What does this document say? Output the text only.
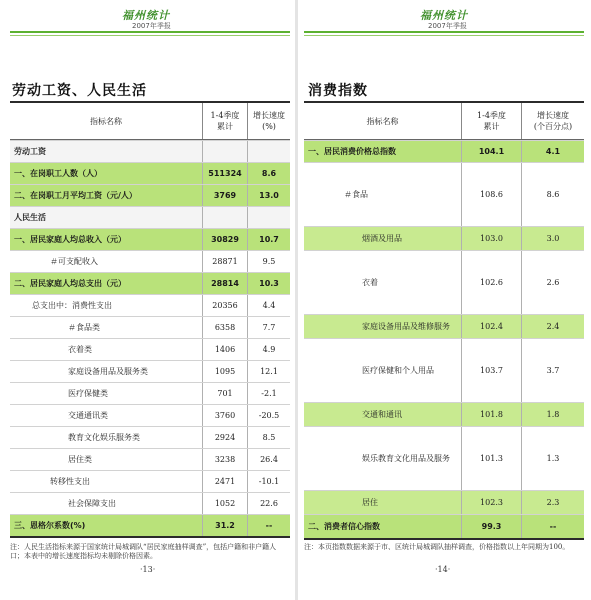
福州统计
2007年季报
劳动工资、人民生活
指标名称
1-4季度
累计
增长速度
(%)
劳动工资
一、在岗职工人数（人）	511324	8.6
二、在岗职工月平均工资（元/人）	3769	13.0
人民生活
一、居民家庭人均总收入（元）	30829	10.7
＃可支配收入	28871	9.5
二、居民家庭人均总支出（元）	28814	10.3
总支出中：消费性支出	20356	4.4
＃食品类	6358	7.7
衣着类	1406	4.9
家庭设备用品及服务类	1095	12.1
医疗保健类	701	-2.1
交通通讯类	3760	-20.5
教育文化娱乐服务类	2924	8.5
居住类	3238	26.4
转移性支出	2471	-10.1
社会保障支出	1052	22.6
三、恩格尔系数(%)	31.2	--
注：人民生活指标来源于国家统计局城调队“居民家庭抽样调查”，包括户籍和非户籍人口；本表中的增长速度指标均未剔除价格因素。
·13·
福州统计
2007年季报
消费指数
指标名称
1-4季度
累计
增长速度
(个百分点)
一、居民消费价格总指数	104.1	4.1
＃食品	108.6	8.6
烟酒及用品	103.0	3.0
衣着	102.6	2.6
家庭设备用品及维修服务	102.4	2.4
医疗保健和个人用品	103.7	3.7
交通和通讯	101.8	1.8
娱乐教育文化用品及服务	101.3	1.3
居住	102.3	2.3
二、消费者信心指数	99.3	--
注：本页指数数据来源于市、区统计局城调队抽样调查，价格指数以上年同期为100。
·14·
